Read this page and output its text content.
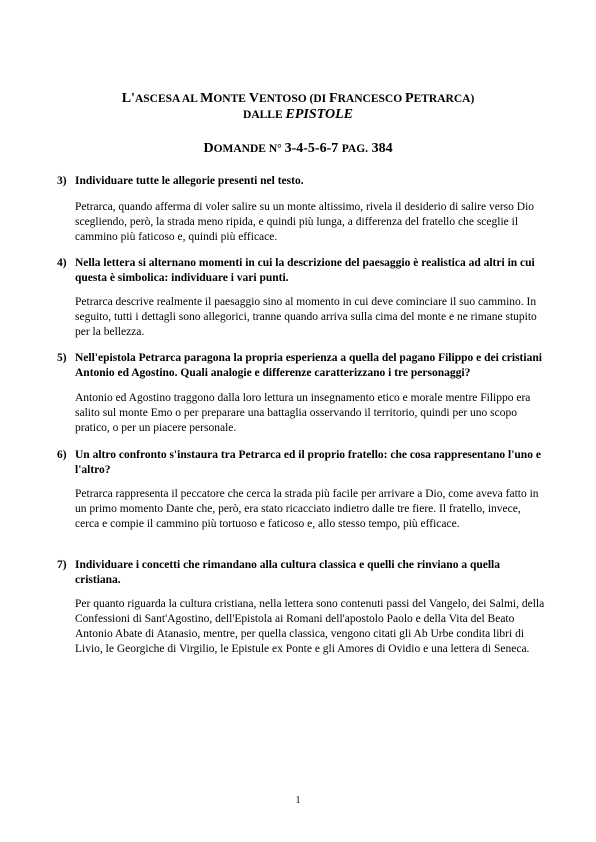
L'ASCESA AL MONTE VENTOSO (DI FRANCESCO PETRARCA)
DALLE EPISTOLE
DOMANDE N° 3-4-5-6-7 PAG. 384
3) Individuare tutte le allegorie presenti nel testo.
Petrarca, quando afferma di voler salire su un monte altissimo, rivela il desiderio di salire verso Dio scegliendo, però, la strada meno ripida, e quindi più lunga, a differenza del fratello che sceglie il cammino più faticoso e, quindi più efficace.
4) Nella lettera si alternano momenti in cui la descrizione del paesaggio è realistica ad altri in cui questa è simbolica: individuare i vari punti.
Petrarca descrive realmente il paesaggio sino al momento in cui deve cominciare il suo cammino. In seguito, tutti i dettagli sono allegorici, tranne quando arriva sulla cima del monte e ne rimane stupito per la bellezza.
5) Nell'epistola Petrarca paragona la propria esperienza a quella del pagano Filippo e dei cristiani Antonio ed Agostino. Quali analogie e differenze caratterizzano i tre personaggi?
Antonio ed Agostino traggono dalla loro lettura un insegnamento etico e morale mentre Filippo era salito sul monte Emo o per preparare una battaglia osservando il territorio, quindi per uno scopo pratico, o per un piacere personale.
6) Un altro confronto s'instaura tra Petrarca ed il proprio fratello: che cosa rappresentano l'uno e l'altro?
Petrarca rappresenta il peccatore che cerca la strada più facile per arrivare a Dio, come aveva fatto in un primo momento Dante che, però, era stato ricacciato indietro dalle tre fiere. Il fratello, invece, cerca e compie il cammino più tortuoso e faticoso e, allo stesso tempo, più efficace.
7) Individuare i concetti che rimandano alla cultura classica e quelli che rinviano a quella cristiana.
Per quanto riguarda la cultura cristiana, nella lettera sono contenuti passi del Vangelo, dei Salmi, della Confessioni di Sant'Agostino, dell'Epistola ai Romani dell'apostolo Paolo e della Vita del Beato Antonio Abate di Atanasio, mentre, per quella classica, vengono citati gli Ab Urbe condita libri di Livio, le Georgiche di Virgilio, le Epistule ex Ponte e gli Amores di Ovidio e una lettera di Seneca.
1
